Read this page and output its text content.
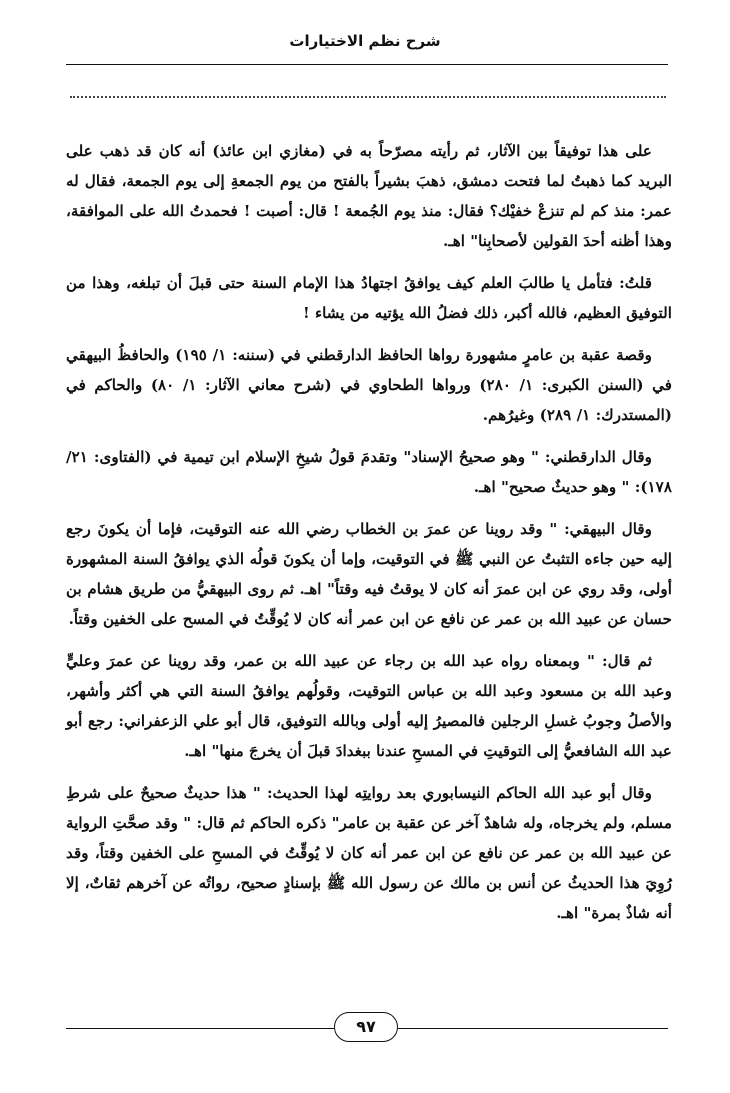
شرح نظم الاختيارات

على هذا توفيقاً بين الآثار، ثم رأيته مصرّحاً به في (مغازي ابن عائذ) أنه كان قد ذهب على البريد كما ذهبتُ لما فتحت دمشق، ذهبَ بشيراً بالفتح من يوم الجمعةِ إلى يوم الجمعة، فقال له عمر: منذ كم لم تنزعْ خفيْك؟ فقال: منذ يوم الجُمعة ! قال: أصبت ! فحمدتُ الله على الموافقة، وهذا أظنه أحدَ القولين لأصحابِنا" اهـ.

قلتُ: فتأمل يا طالبَ العلم كيف يوافقُ اجتهادُ هذا الإمام السنة حتى قبلَ أن تبلغه، وهذا من التوفيق العظيم، فالله أكبر، ذلك فضلُ الله يؤتيه من يشاء !

وقصة عقبة بن عامرٍ مشهورة رواها الحافظ الدارقطني في (سننه: ١/ ١٩٥) والحافظُ البيهقي في (السنن الكبرى: ١/ ٢٨٠) ورواها الطحاوي في (شرح معاني الآثار: ١/ ٨٠) والحاكم في (المستدرك: ١/ ٢٨٩) وغيرُهم.

وقال الدارقطني: " وهو صحيحُ الإسناد" وتقدمَ قولُ شيخِ الإسلام ابن تيمية في (الفتاوى: ٢١/ ١٧٨): " وهو حديثٌ صحيح" اهـ.

وقال البيهقي: " وقد روينا عن عمرَ بن الخطاب رضي الله عنه التوقيت، فإما أن يكونَ رجع إليه حين جاءه التثبتُ عن النبي ﷺ في التوقيت، وإما أن يكونَ قولُه الذي يوافقُ السنة المشهورة أولى، وقد روي عن ابن عمرَ أنه كان لا يوقتُ فيه وقتاً" اهـ. ثم روى البيهقيُّ من طريق هشام بن حسان عن عبيد الله بن عمر عن نافع عن ابن عمر أنه كان لا يُوقِّتُ في المسح على الخفين وقتاً.

ثم قال: " وبمعناه رواه عبد الله بن رجاء عن عبيد الله بن عمر، وقد روينا عن عمرَ وعليٍّ وعبد الله بن مسعود وعبد الله بن عباس التوقيت، وقولُهم يوافقُ السنة التي هي أكثر وأشهر، والأصلُ وجوبُ غسلِ الرجلين فالمصيرُ إليه أولى وبالله التوفيق، قال أبو علي الزعفراني: رجع أبو عبد الله الشافعيُّ إلى التوقيتِ في المسحِ عندنا ببغدادَ قبلَ أن يخرجَ منها" اهـ.

وقال أبو عبد الله الحاكم النيسابوري بعد روايتِه لهذا الحديث: " هذا حديثٌ صحيحٌ على شرطِ مسلم، ولم يخرجاه، وله شاهدٌ آخر عن عقبة بن عامر" ذكره الحاكم ثم قال: " وقد صحَّتِ الرواية عن عبيد الله بن عمر عن نافع عن ابن عمر أنه كان لا يُوقِّتُ في المسحِ على الخفين وقتاً، وقد رُوِيَ هذا الحديثُ عن أنس بن مالك عن رسول الله ﷺ بإسنادٍ صحيح، رواتُه عن آخرهم ثقاتٌ، إلا أنه شاذٌ بمرة" اهـ.

٩٧
